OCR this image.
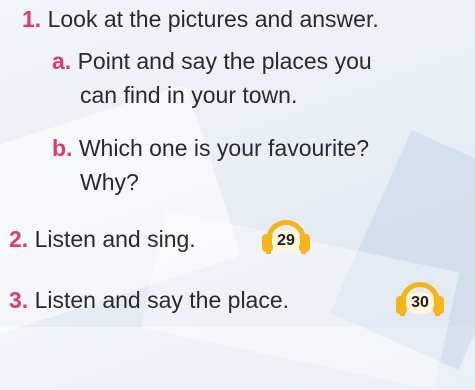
1. Look at the pictures and answer.
a. Point and say the places you
can find in your town.
b. Which one is your favourite?
Why?
2. Listen and sing.	29
3. Listen and say the place.	30
